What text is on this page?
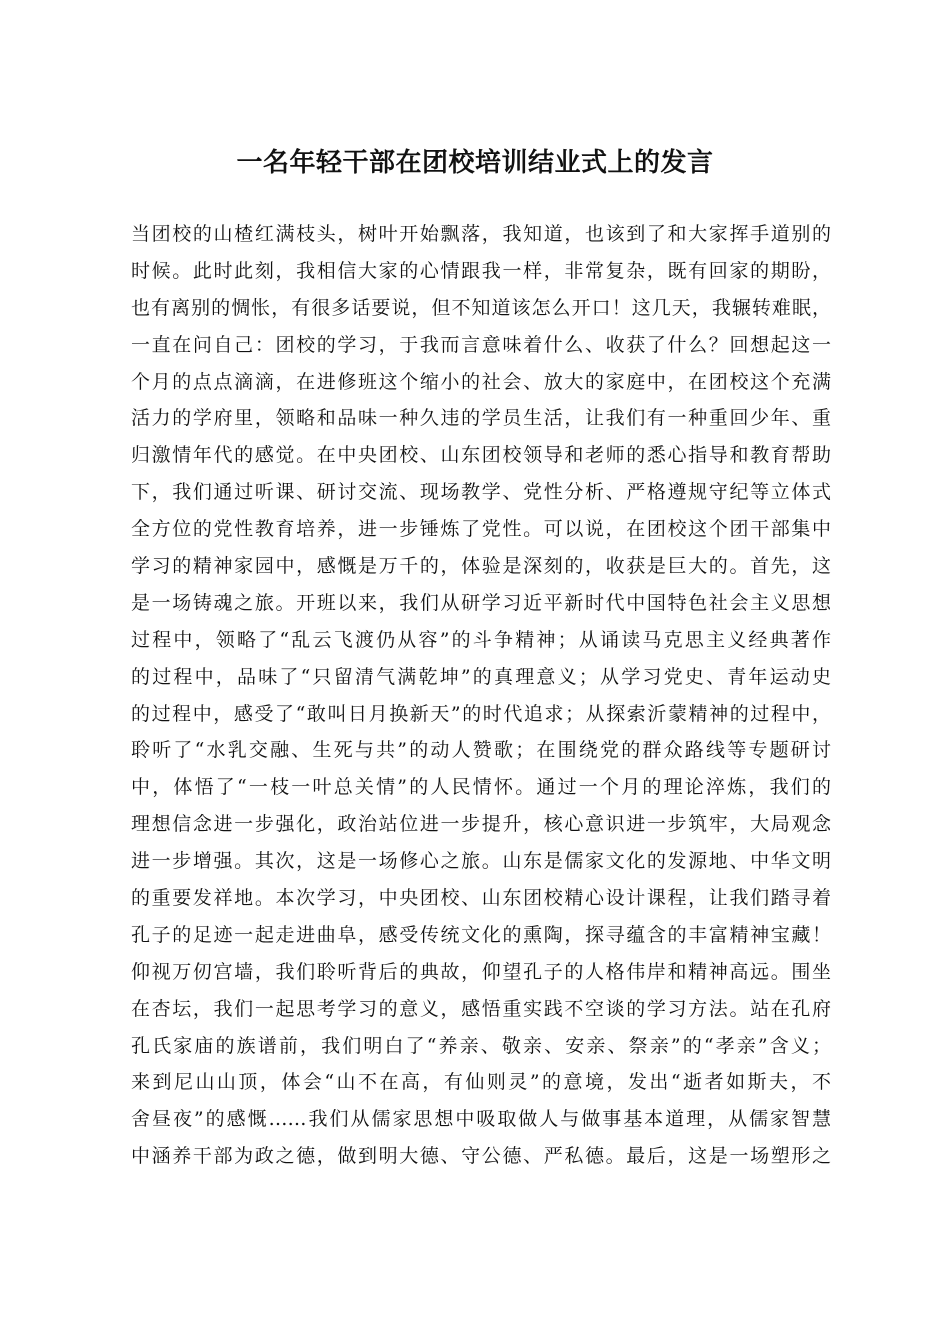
一名年轻干部在团校培训结业式上的发言
当团校的山楂红满枝头，树叶开始飘落，我知道，也该到了和大家挥手道别的
时候。此时此刻，我相信大家的心情跟我一样，非常复杂，既有回家的期盼，
也有离别的惆怅，有很多话要说，但不知道该怎么开口！这几天，我辗转难眠，
一直在问自己：团校的学习，于我而言意味着什么、收获了什么？回想起这一
个月的点点滴滴，在进修班这个缩小的社会、放大的家庭中，在团校这个充满
活力的学府里，领略和品味一种久违的学员生活，让我们有一种重回少年、重
归激情年代的感觉。在中央团校、山东团校领导和老师的悉心指导和教育帮助
下，我们通过听课、研讨交流、现场教学、党性分析、严格遵规守纪等立体式
全方位的党性教育培养，进一步锤炼了党性。可以说，在团校这个团干部集中
学习的精神家园中，感慨是万千的，体验是深刻的，收获是巨大的。首先，这
是一场铸魂之旅。开班以来，我们从研学习近平新时代中国特色社会主义思想
过程中，领略了“乱云飞渡仍从容”的斗争精神；从诵读马克思主义经典著作
的过程中，品味了“只留清气满乾坤”的真理意义；从学习党史、青年运动史
的过程中，感受了“敢叫日月换新天”的时代追求；从探索沂蒙精神的过程中，
聆听了“水乳交融、生死与共”的动人赞歌；在围绕党的群众路线等专题研讨
中，体悟了“一枝一叶总关情”的人民情怀。通过一个月的理论淬炼，我们的
理想信念进一步强化，政治站位进一步提升，核心意识进一步筑牢，大局观念
进一步增强。其次，这是一场修心之旅。山东是儒家文化的发源地、中华文明
的重要发祥地。本次学习，中央团校、山东团校精心设计课程，让我们踏寻着
孔子的足迹一起走进曲阜，感受传统文化的熏陶，探寻蕴含的丰富精神宝藏！
仰视万仞宫墙，我们聆听背后的典故，仰望孔子的人格伟岸和精神高远。围坐
在杏坛，我们一起思考学习的意义，感悟重实践不空谈的学习方法。站在孔府
孔氏家庙的族谱前，我们明白了“养亲、敬亲、安亲、祭亲”的“孝亲”含义；
来到尼山山顶，体会“山不在高，有仙则灵”的意境，发出“逝者如斯夫，不
舍昼夜”的感慨……我们从儒家思想中吸取做人与做事基本道理，从儒家智慧
中涵养干部为政之德，做到明大德、守公德、严私德。最后，这是一场塑形之
